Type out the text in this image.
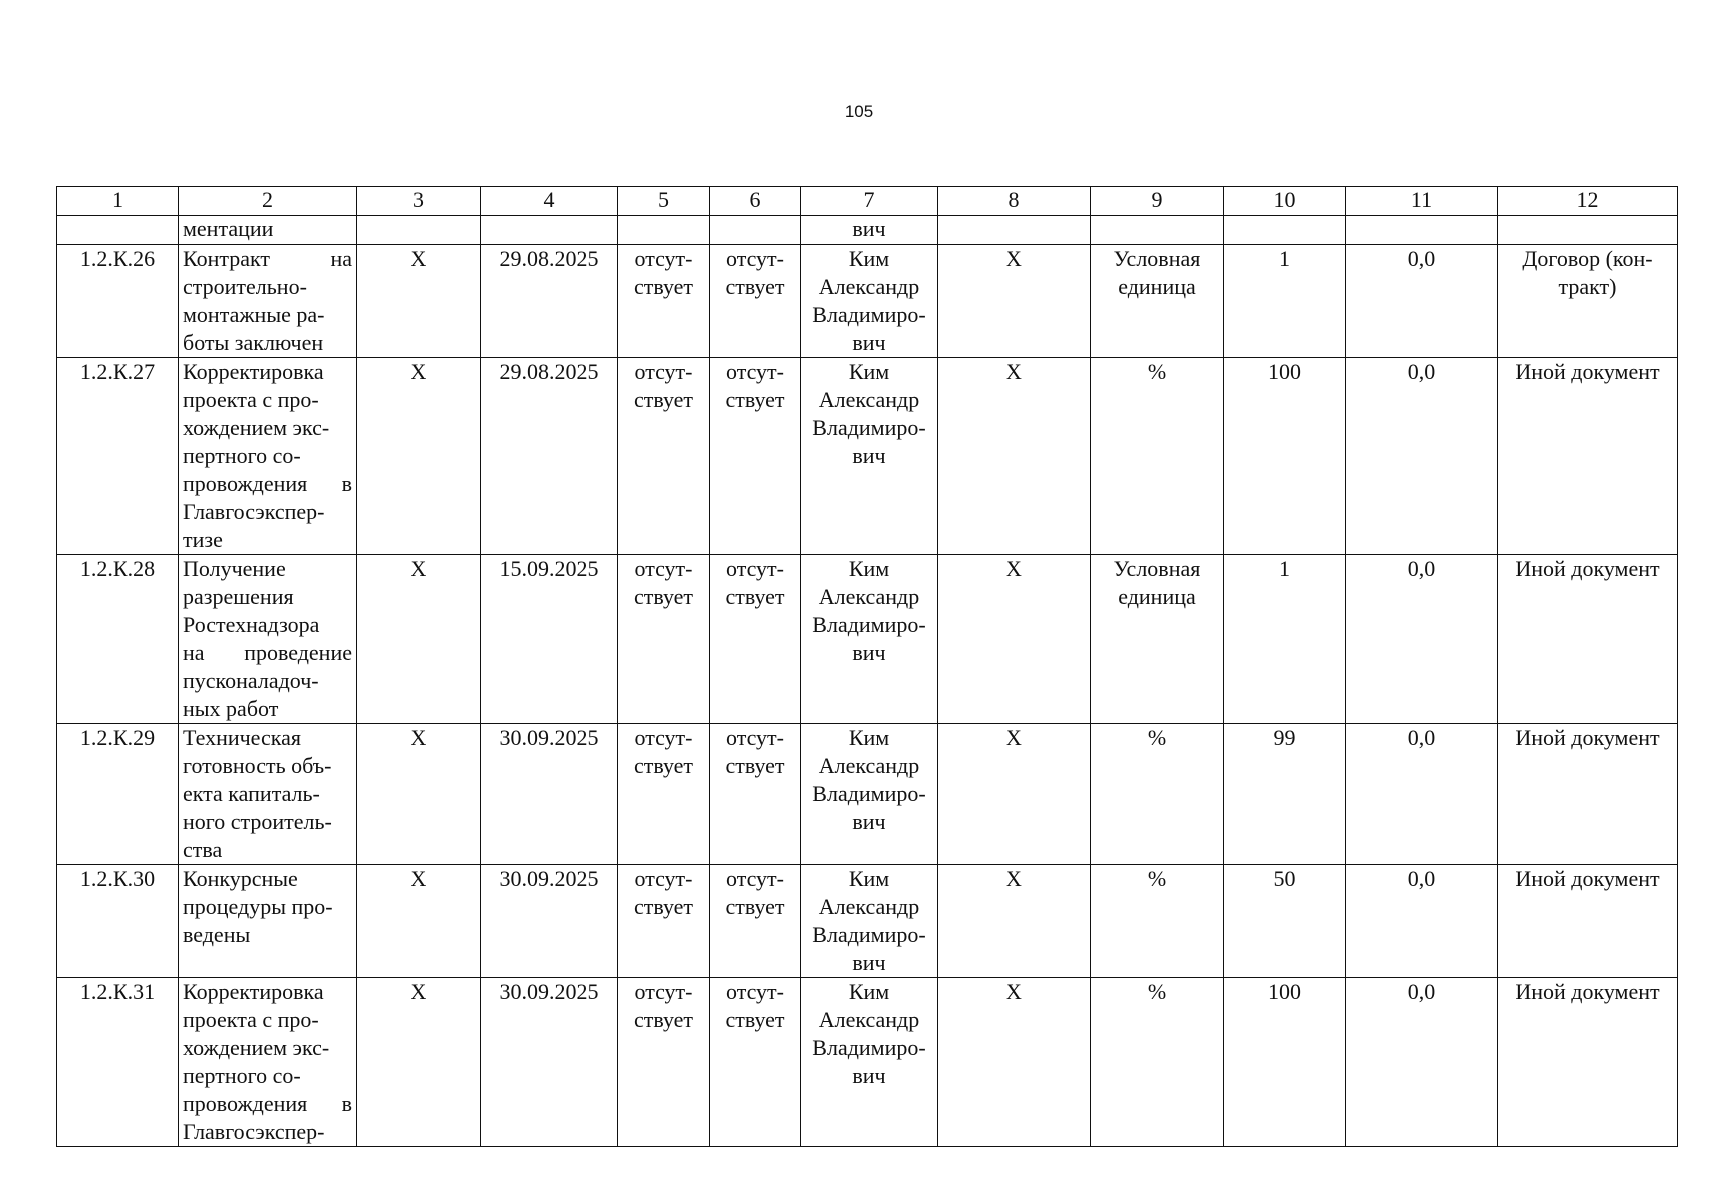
105
1	2	3	4	5	6	7	8	9	10	11	12
	ментации					вич					
1.2.К.26	Контракт на строительно-
монтажные ра-
боты заключен	X	29.08.2025	отсут-
ствует	отсут-
ствует	Ким
Александр
Владимиро-
вич	X	Условная
единица	1	0,0	Договор (кон-
тракт)
1.2.К.27	Корректировка проекта с про-
хождением экс-
пертного со-
провождения в Главгосэкспер-
тизе	X	29.08.2025	отсут-
ствует	отсут-
ствует	Ким
Александр
Владимиро-
вич	X	%	100	0,0	Иной документ
1.2.К.28	Получение
разрешения
Ростехнадзора
на проведение пусконаладоч-
ных работ	X	15.09.2025	отсут-
ствует	отсут-
ствует	Ким
Александр
Владимиро-
вич	X	Условная
единица	1	0,0	Иной документ
1.2.К.29	Техническая
готовность объ-
екта капиталь-
ного строитель-
ства	X	30.09.2025	отсут-
ствует	отсут-
ствует	Ким
Александр
Владимиро-
вич	X	%	99	0,0	Иной документ
1.2.К.30	Конкурсные
процедуры про-
ведены	X	30.09.2025	отсут-
ствует	отсут-
ствует	Ким
Александр
Владимиро-
вич	X	%	50	0,0	Иной документ
1.2.К.31	Корректировка проекта с про-
хождением экс-
пертного со-
провождения в Главгосэкспер-	X	30.09.2025	отсут-
ствует	отсут-
ствует	Ким
Александр
Владимиро-
вич	X	%	100	0,0	Иной документ
